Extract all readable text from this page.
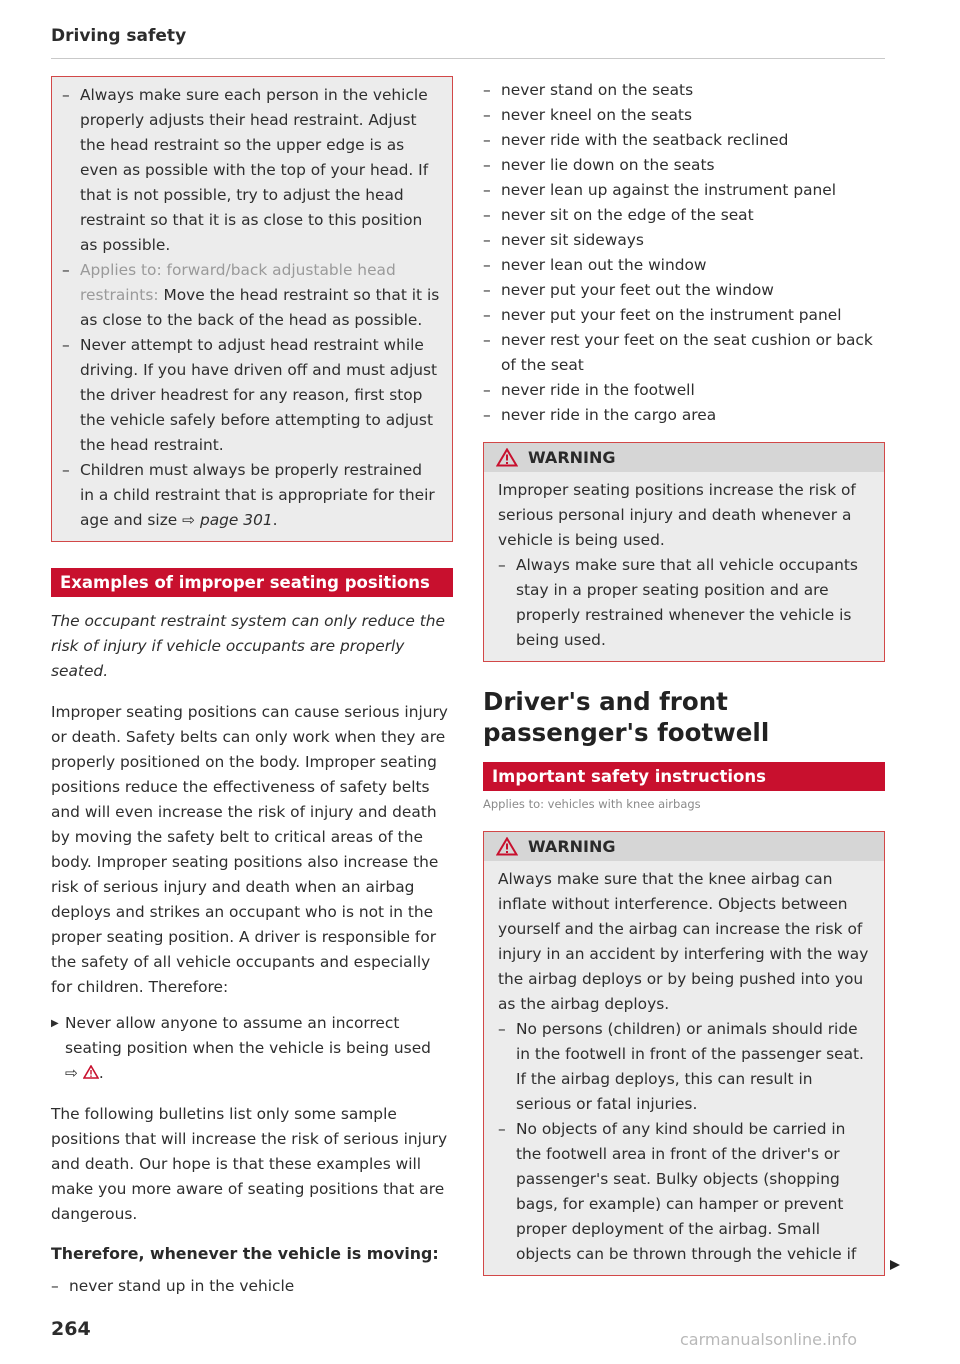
Driving safety
– Always make sure each person in the vehicle properly adjusts their head restraint. Adjust the head restraint so the upper edge is as even as possible with the top of your head. If that is not possible, try to adjust the head restraint so that it is as close to this position as possible.
– Applies to: forward/back adjustable head restraints: Move the head restraint so that it is as close to the back of the head as possible.
– Never attempt to adjust head restraint while driving. If you have driven off and must adjust the driver headrest for any reason, first stop the vehicle safely before attempting to adjust the head restraint.
– Children must always be properly restrained in a child restraint that is appropriate for their age and size ⇨ page 301.
Examples of improper seating positions

The occupant restraint system can only reduce the risk of injury if vehicle occupants are properly seated.

Improper seating positions can cause serious injury or death. Safety belts can only work when they are properly positioned on the body. Improper seating positions reduce the effectiveness of safety belts and will even increase the risk of injury and death by moving the safety belt to critical areas of the body. Improper seating positions also increase the risk of serious injury and death when an airbag deploys and strikes an occupant who is not in the proper seating position. A driver is responsible for the safety of all vehicle occupants and especially for children. Therefore:

▶ Never allow anyone to assume an incorrect seating position when the vehicle is being used
⇨ .

The following bulletins list only some sample positions that will increase the risk of serious injury and death. Our hope is that these examples will make you more aware of seating positions that are dangerous.

Therefore, whenever the vehicle is moving:

– never stand up in the vehicle
– never stand on the seats
– never kneel on the seats
– never ride with the seatback reclined
– never lie down on the seats
– never lean up against the instrument panel
– never sit on the edge of the seat
– never sit sideways
– never lean out the window
– never put your feet out the window
– never put your feet on the instrument panel
– never rest your feet on the seat cushion or back of the seat
– never ride in the footwell
– never ride in the cargo area
WARNING

Improper seating positions increase the risk of serious personal injury and death whenever a vehicle is being used.

– Always make sure that all vehicle occupants stay in a proper seating position and are properly restrained whenever the vehicle is being used.
Driver's and front passenger's footwell
Important safety instructions
Applies to: vehicles with knee airbags
WARNING

Always make sure that the knee airbag can inflate without interference. Objects between yourself and the airbag can increase the risk of injury in an accident by interfering with the way the airbag deploys or by being pushed into you as the airbag deploys.

– No persons (children) or animals should ride in the footwell in front of the passenger seat. If the airbag deploys, this can result in serious or fatal injuries.
– No objects of any kind should be carried in the footwell area in front of the driver's or passenger's seat. Bulky objects (shopping bags, for example) can hamper or prevent proper deployment of the airbag. Small objects can be thrown through the vehicle if
264	carmanualsonline.info
